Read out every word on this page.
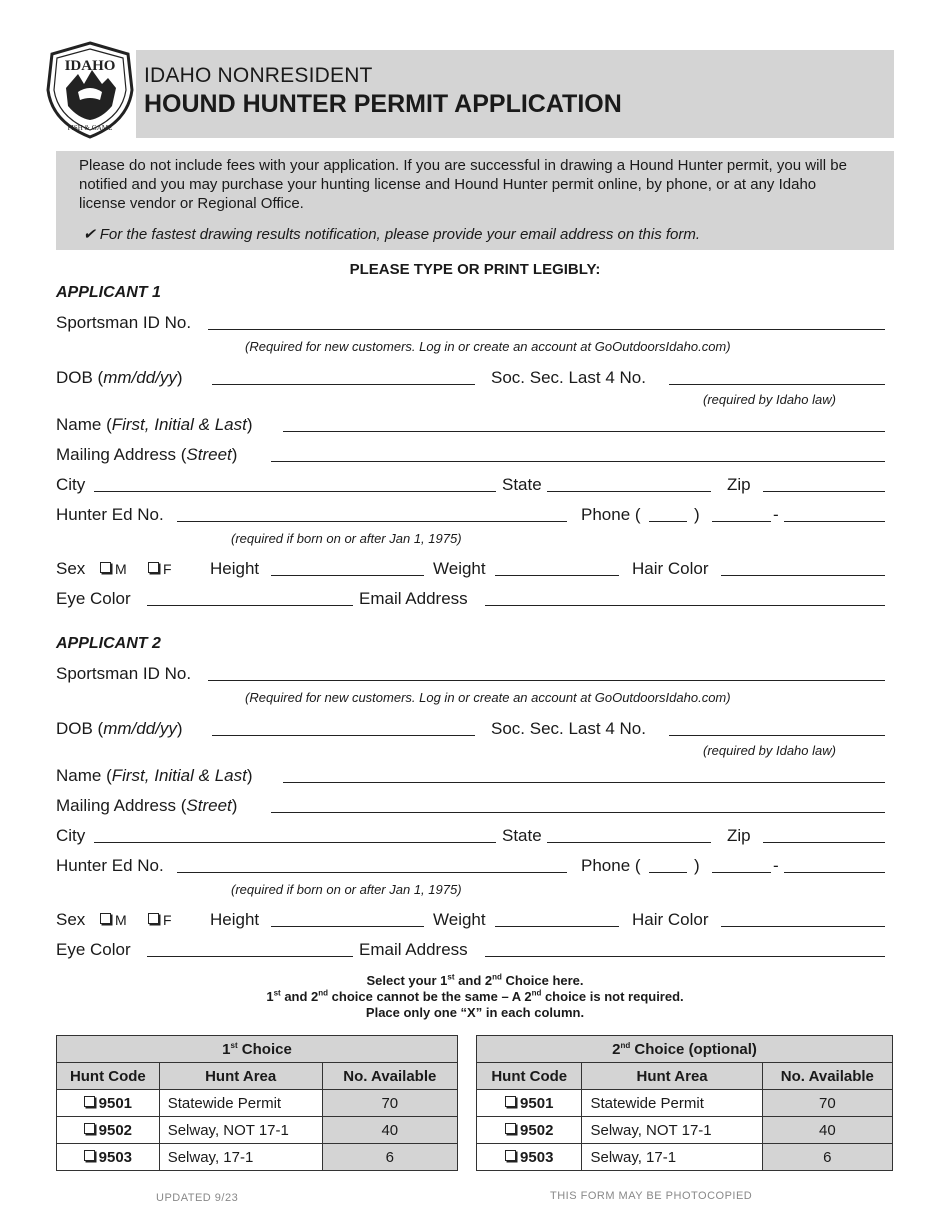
IDAHO
FISH & GAME
IDAHO NONRESIDENT
HOUND HUNTER PERMIT APPLICATION
Please do not include fees with your application. If you are successful in drawing a Hound Hunter permit, you will be notified and you may purchase your hunting license and Hound Hunter permit online, by phone, or at any Idaho license vendor or Regional Office.
✔ For the fastest drawing results notification, please provide your email address on this form.
PLEASE TYPE OR PRINT LEGIBLY:
APPLICANT 1
Sportsman ID No.
(Required for new customers. Log in or create an account at GoOutdoorsIdaho.com)
DOB (mm/dd/yy)	Soc. Sec. Last 4 No.
(required by Idaho law)
Name (First, Initial & Last)
Mailing Address (Street)
City	State	Zip
Hunter Ed No.	Phone (	)	-
(required if born on or after Jan 1, 1975)
Sex	M	F Height	Weight	Hair Color
Eye Color	Email Address
APPLICANT 2
Sportsman ID No.
(Required for new customers. Log in or create an account at GoOutdoorsIdaho.com)
DOB (mm/dd/yy)	Soc. Sec. Last 4 No.
(required by Idaho law)
Name (First, Initial & Last)
Mailing Address (Street)
City	State	Zip
Hunter Ed No.	Phone (	)	-
(required if born on or after Jan 1, 1975)
Sex	M	F Height	Weight	Hair Color
Eye Color	Email Address
Select your 1st and 2nd Choice here.
1st and 2nd choice cannot be the same – A 2nd choice is not required.
Place only one “X” in each column.
1st Choice		
Hunt Code	Hunt Area	No. Available
9501	Statewide Permit	70
9502	Selway, NOT 17-1	40
9503	Selway, 17-1	6
2nd Choice (optional)		
Hunt Code	Hunt Area	No. Available
9501	Statewide Permit	70
9502	Selway, NOT 17-1	40
9503	Selway, 17-1	6
UPDATED 9/23	THIS FORM MAY BE PHOTOCOPIED
